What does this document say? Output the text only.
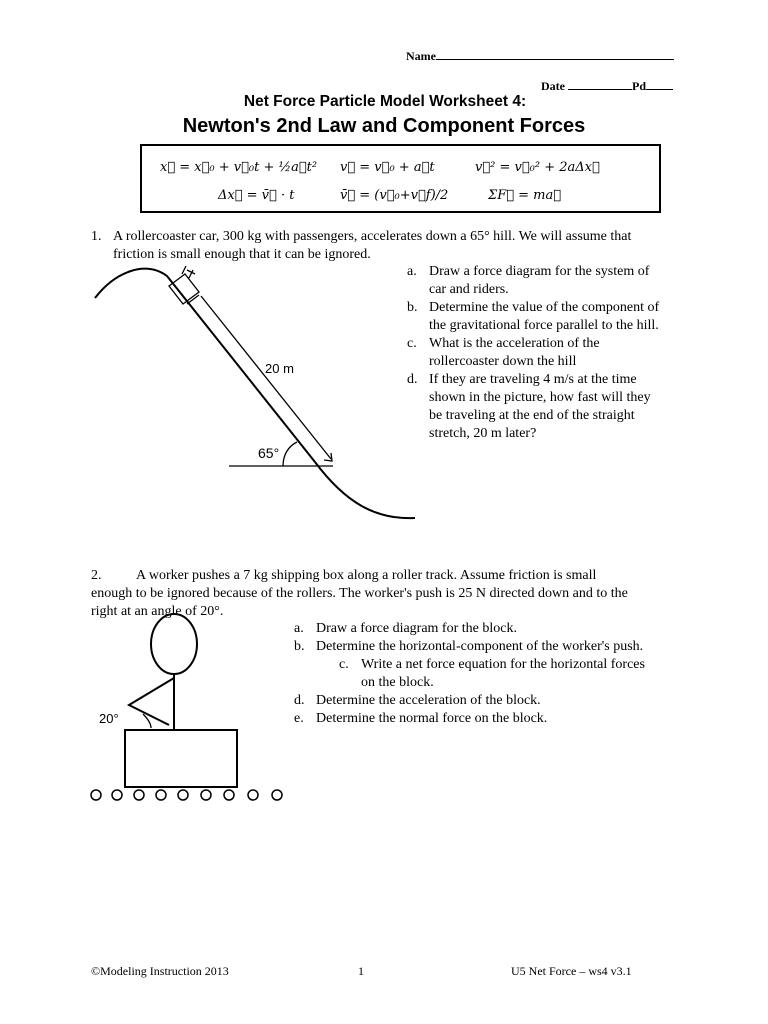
Name
Date	Pd
Net Force Particle Model Worksheet 4:
Newton's 2nd Law and Component Forces
x⃗ = x⃗₀ + v⃗₀t + ½a⃗t² v⃗ = v⃗₀ + a⃗t	v⃗² = v⃗₀² + 2aΔx⃗
Δx⃗ = v̄⃗ · t	v̄⃗ = (v⃗₀+v⃗f)/2	ΣF⃗ = ma⃗
1. A rollercoaster car, 300 kg with passengers, accelerates down a 65° hill. We will assume that
friction is small enough that it can be ignored.
20 m
65°
a. Draw a force diagram for the system of
car and riders.
b. Determine the value of the component of
the gravitational force parallel to the hill.
c. What is the acceleration of the
rollercoaster down the hill
d. If they are traveling 4 m/s at the time
shown in the picture, how fast will they
be traveling at the end of the straight
stretch, 20 m later?
2. A worker pushes a 7 kg shipping box along a roller track. Assume friction is small
enough to be ignored because of the rollers. The worker's push is 25 N directed down and to the
right at an angle of 20°.
20°
a. Draw a force diagram for the block.
b. Determine the horizontal-component of the worker's push.
c. Write a net force equation for the horizontal forces
on the block.
d. Determine the acceleration of the block.
e. Determine the normal force on the block.
©Modeling Instruction 2013	1	U5 Net Force – ws4 v3.1
